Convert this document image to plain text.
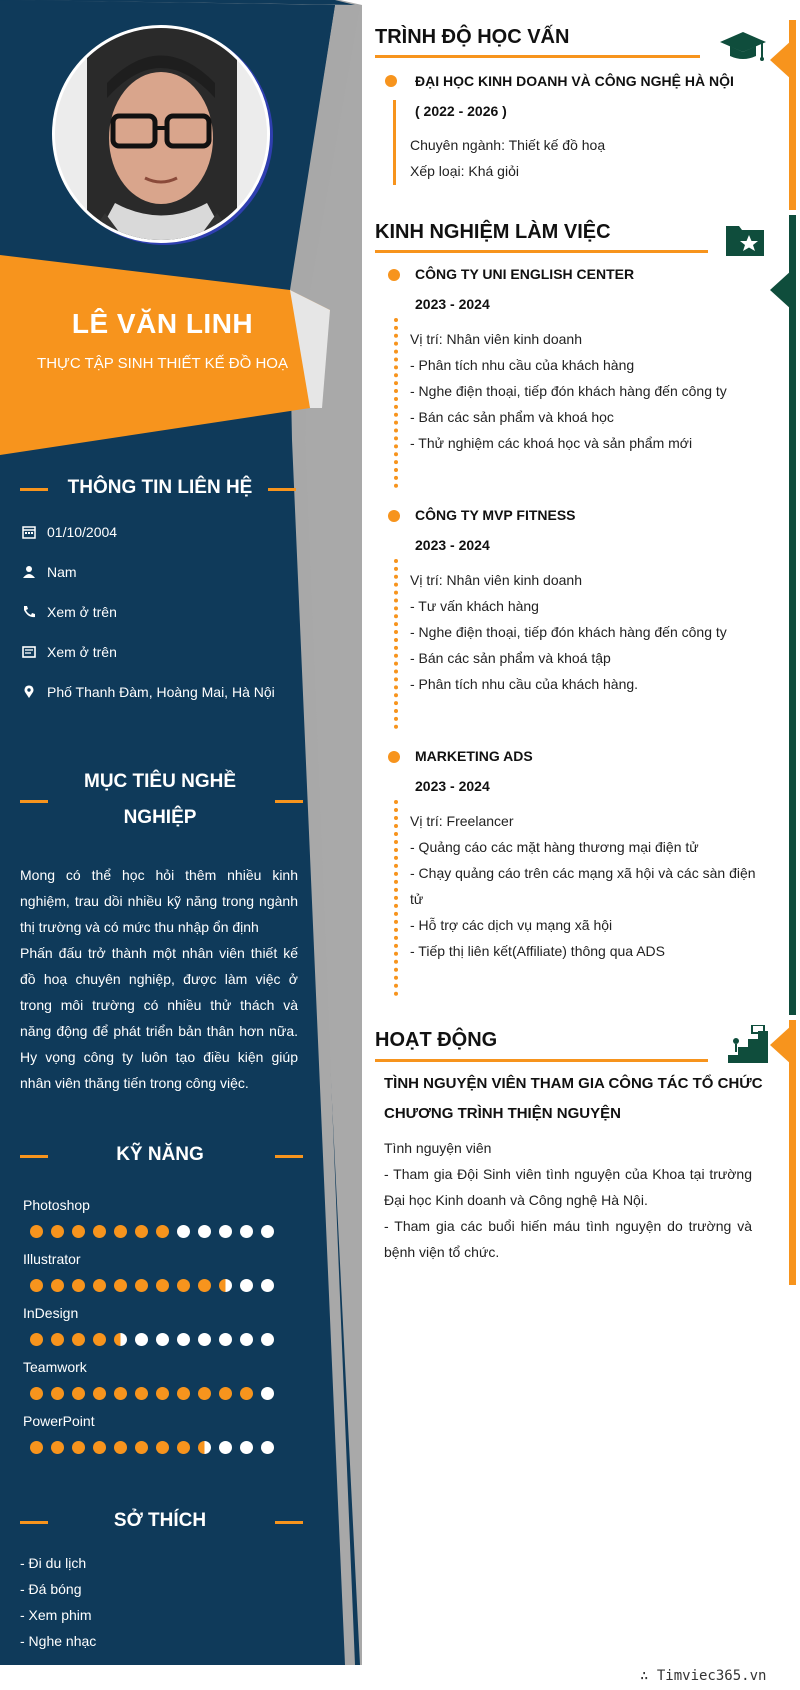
LÊ VĂN LINH
THỰC TẬP SINH THIẾT KẾ ĐỒ HOẠ
THÔNG TIN LIÊN HỆ
01/10/2004
Nam
Xem ở trên
Xem ở trên
Phố Thanh Đàm, Hoàng Mai, Hà Nội
MỤC TIÊU NGHỀ
NGHIỆP

Mong có thể học hỏi thêm nhiều kinh nghiệm, trau dồi nhiều kỹ năng trong ngành thị trường và có mức thu nhập ổn định

Phấn đấu trở thành một nhân viên thiết kế đồ hoạ chuyên nghiệp, được làm việc ở trong môi trường có nhiều thử thách và năng động để phát triển bản thân hơn nữa. Hy vọng công ty luôn tạo điều kiện giúp nhân viên thăng tiến trong công việc.

KỸ NĂNG
Photoshop
Illustrator
InDesign
Teamwork
PowerPoint
SỞ THÍCH
- Đi du lịch
- Đá bóng
- Xem phim
- Nghe nhạc
TRÌNH ĐỘ HỌC VẤN
ĐẠI HỌC KINH DOANH VÀ CÔNG NGHỆ HÀ NỘI
( 2022 - 2026 )
Chuyên ngành: Thiết kế đồ hoạ
Xếp loại: Khá giỏi
KINH NGHIỆM LÀM VIỆC
CÔNG TY UNI ENGLISH CENTER
2023 - 2024
Vị trí: Nhân viên kinh doanh
- Phân tích nhu cầu của khách hàng
- Nghe điện thoại, tiếp đón khách hàng đến công ty
- Bán các sản phẩm và khoá học
- Thử nghiệm các khoá học và sản phẩm mới
CÔNG TY MVP FITNESS
2023 - 2024
Vị trí: Nhân viên kinh doanh
- Tư vấn khách hàng
- Nghe điện thoại, tiếp đón khách hàng đến công ty
- Bán các sản phẩm và khoá tập
- Phân tích nhu cầu của khách hàng.
MARKETING ADS
2023 - 2024
Vị trí: Freelancer
- Quảng cáo các mặt hàng thương mại điện tử
- Chạy quảng cáo trên các mạng xã hội và các sàn điện
tử
- Hỗ trợ các dịch vụ mạng xã hội
- Tiếp thị liên kết(Affiliate) thông qua ADS
HOẠT ĐỘNG
TÌNH NGUYỆN VIÊN THAM GIA CÔNG TÁC TỔ CHỨC
CHƯƠNG TRÌNH THIỆN NGUYỆN
Tình nguyện viên
- Tham gia Đội Sinh viên tình nguyện của Khoa tại trường
Đại học Kinh doanh và Công nghệ Hà Nội.
- Tham gia các buổi hiến máu tình nguyện do trường và
bệnh viện tổ chức.
∴ Timviec365.vn
